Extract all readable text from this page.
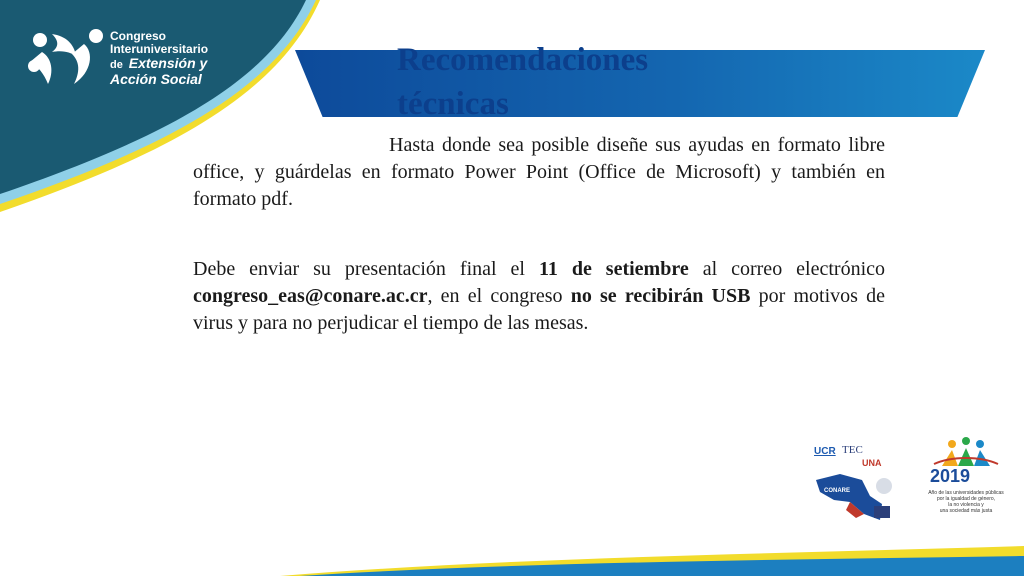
Congreso
Interuniversitario
de Extensión y
Acción Social
Recomendaciones técnicas

Hasta donde sea posible diseñe sus ayudas en formato libre office, y guárdelas en formato Power Point (Office de Microsoft) y también en formato pdf.

Debe enviar su presentación final el 11 de setiembre al correo electrónico congreso_eas@conare.ac.cr, en el congreso no se recibirán USB por motivos de virus y para no perjudicar el tiempo de las mesas.

UCR TEC
UNA
CONARE
2019
Año de las universidades públicas
por la igualdad de género,
la no violencia y
una sociedad más justa
